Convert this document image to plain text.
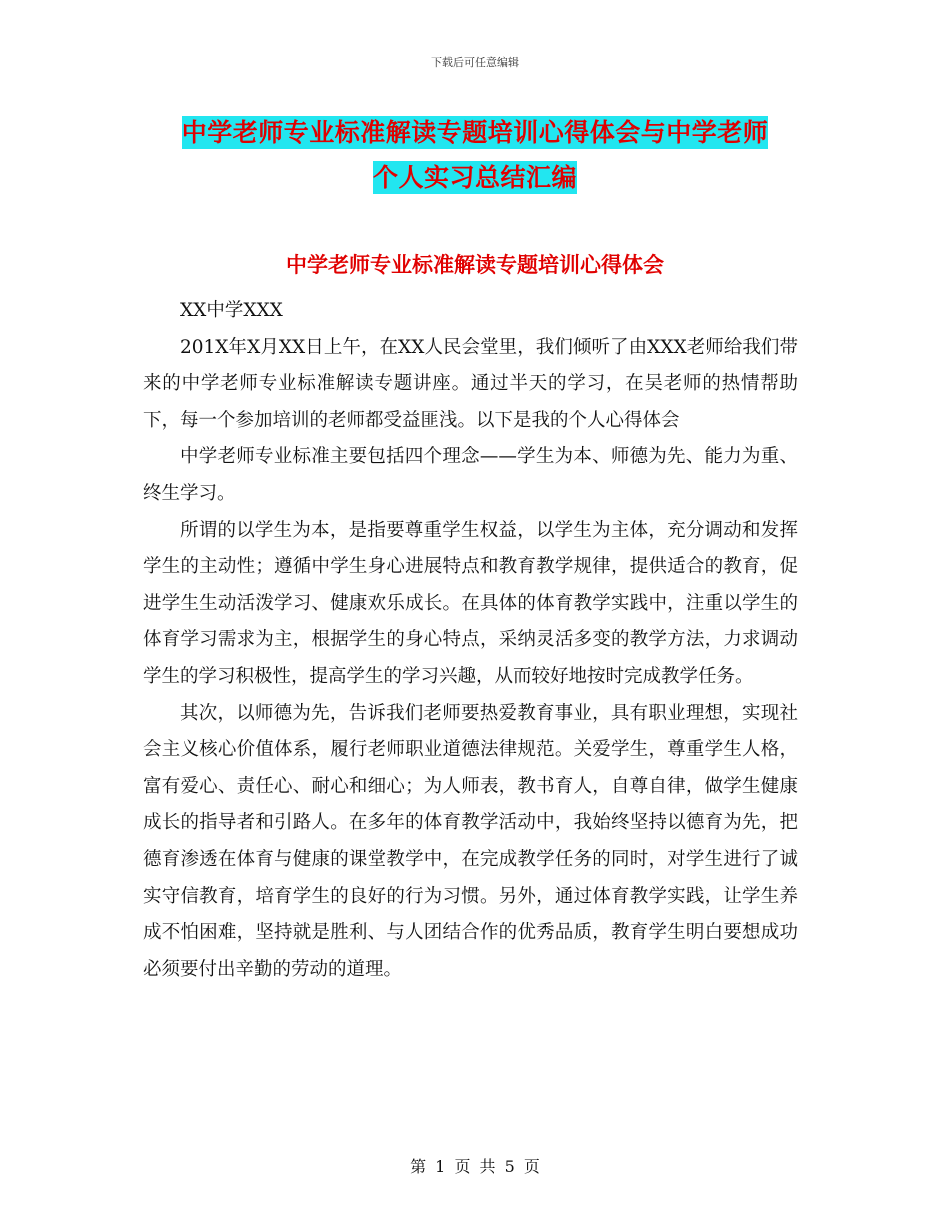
下载后可任意编辑
中学老师专业标准解读专题培训心得体会与中学老师
个人实习总结汇编
中学老师专业标准解读专题培训心得体会

XX中学XXX

201X年X月XX日上午，在XX人民会堂里，我们倾听了由XXX老师给我们带来的中学老师专业标准解读专题讲座。通过半天的学习，在吴老师的热情帮助下，每一个参加培训的老师都受益匪浅。以下是我的个人心得体会

中学老师专业标准主要包括四个理念——学生为本、师德为先、能力为重、终生学习。

所谓的以学生为本，是指要尊重学生权益，以学生为主体，充分调动和发挥学生的主动性；遵循中学生身心进展特点和教育教学规律，提供适合的教育，促进学生生动活泼学习、健康欢乐成长。在具体的体育教学实践中，注重以学生的体育学习需求为主，根据学生的身心特点，采纳灵活多变的教学方法，力求调动学生的学习积极性，提高学生的学习兴趣，从而较好地按时完成教学任务。

其次，以师德为先，告诉我们老师要热爱教育事业，具有职业理想，实现社会主义核心价值体系，履行老师职业道德法律规范。关爱学生，尊重学生人格，富有爱心、责任心、耐心和细心；为人师表，教书育人，自尊自律，做学生健康成长的指导者和引路人。在多年的体育教学活动中，我始终坚持以德育为先，把德育渗透在体育与健康的课堂教学中，在完成教学任务的同时，对学生进行了诚实守信教育，培育学生的良好的行为习惯。另外，通过体育教学实践，让学生养成不怕困难，坚持就是胜利、与人团结合作的优秀品质，教育学生明白要想成功必须要付出辛勤的劳动的道理。

第 1 页 共 5 页
